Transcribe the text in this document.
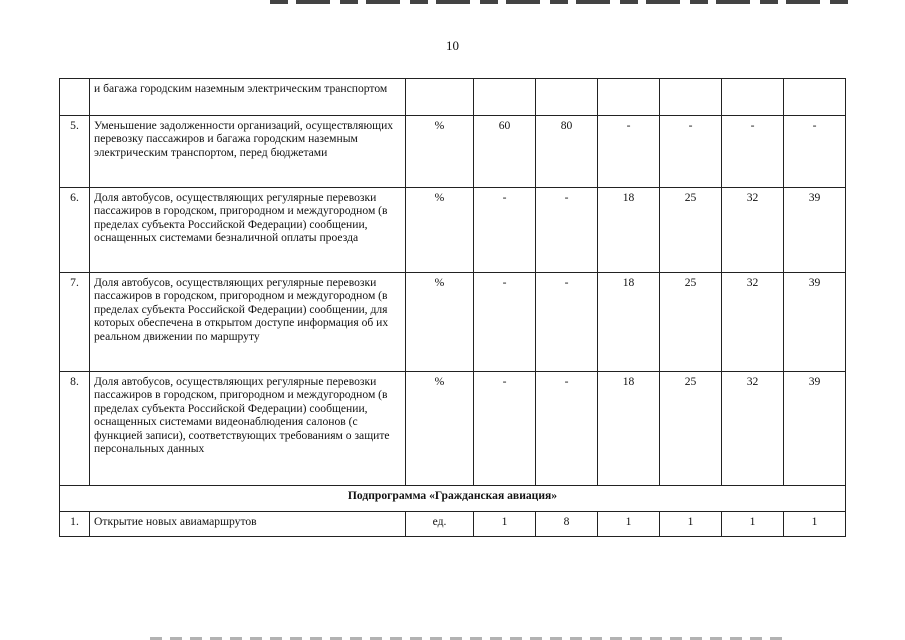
10
	и багажа городским наземным электрическим транспортом							
5.	Уменьшение задолженности организаций, осуществляющих перевозку пассажиров и багажа городским наземным электрическим транспортом, перед бюджетами	%	60	80	-	-	-	-
6.	Доля автобусов, осуществляющих регулярные перевозки пассажиров в городском, пригородном и междугородном (в пределах субъекта Российской Федерации) сообщении, оснащенных системами безналичной оплаты проезда	%	-	-	18	25	32	39
7.	Доля автобусов, осуществляющих регулярные перевозки пассажиров в городском, пригородном и междугородном (в пределах субъекта Российской Федерации) сообщении, для которых обеспечена в открытом доступе информация об их реальном движении по маршруту	%	-	-	18	25	32	39
8.	Доля автобусов, осуществляющих регулярные перевозки пассажиров в городском, пригородном и междугородном (в пределах субъекта Российской Федерации) сообщении, оснащенных системами видеонаблюдения салонов (с функцией записи), соответствующих требованиям о защите персональных данных	%	-	-	18	25	32	39
Подпрограмма «Гражданская авиация»								
1.	Открытие новых авиамаршрутов	ед.	1	8	1	1	1	1
